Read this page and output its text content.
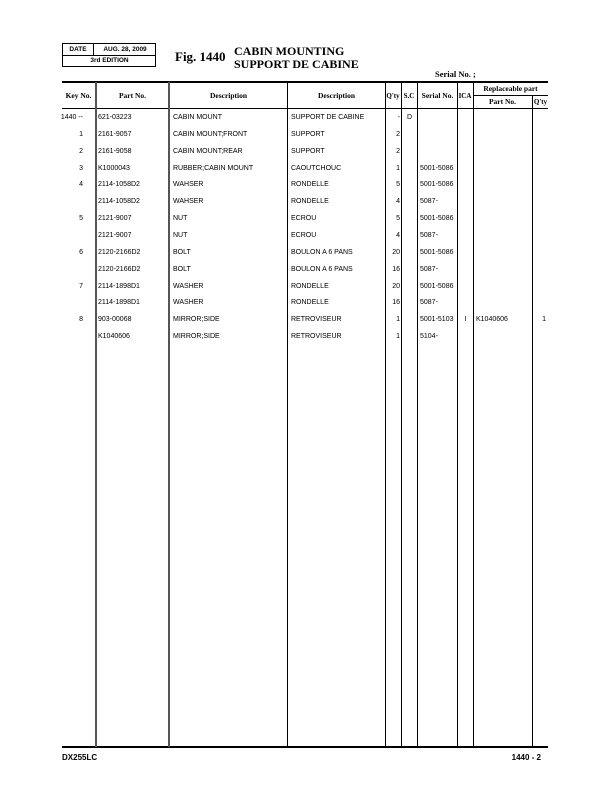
DATE	AUG. 28, 2009
3rd EDITION	Fig. 1440 CABIN MOUNTING
SUPPORT DE CABINE
Serial No. ;
Key No.	Part No.	Description	Description	Q'ty S.C Serial No. ICA
Replaceable part
Part No.	Q'ty
1440 -- 621-03223	CABIN MOUNT	SUPPORT DE CABINE	- D
1 2161-9057	CABIN MOUNT;FRONT	SUPPORT	2
2 2161-9058	CABIN MOUNT;REAR	SUPPORT	2
3 K1000043	RUBBER;CABIN MOUNT	CAOUTCHOUC	1	5001-5086
4 2114-1058D2	WAHSER	RONDELLE	5	5001-5086
2114-1058D2	WAHSER	RONDELLE	4	5087-
5 2121-9007	NUT	ECROU	5	5001-5086
2121-9007	NUT	ECROU	4	5087-
6 2120-2166D2	BOLT	BOULON A 6 PANS	20	5001-5086
2120-2166D2	BOLT	BOULON A 6 PANS	16	5087-
7 2114-1898D1	WASHER	RONDELLE	20	5001-5086
2114-1898D1	WASHER	RONDELLE	16	5087-
8 903-00068	MIRROR;SIDE	RETROVISEUR	1	5001-5103	I	K1040606	1
K1040606	MIRROR;SIDE	RETROVISEUR	1	5104-
DX255LC	1440 - 2
